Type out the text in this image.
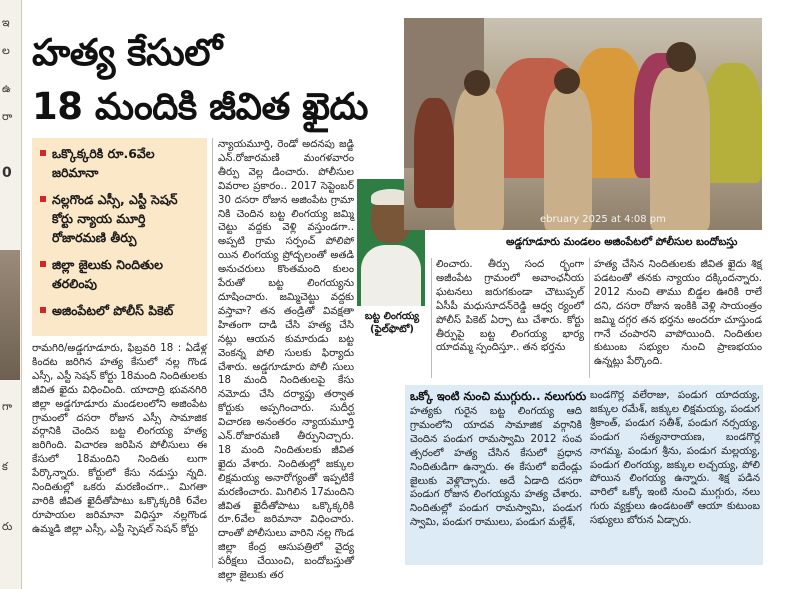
ఇ
ల
ఉ
రా
0
గా
క
రు
హత్య కేసులో
18 మందికి జీవిత ఖైదు
ఒక్కొక్కరికి రూ.6వేల జరిమానా
నల్లగొండ ఎస్సీ, ఎస్టీ సెషన్ కోర్టు న్యాయ మూర్తి రోజారమణి తీర్పు
జిల్లా జైలుకు నిందితుల తరలింపు
అజింపేటలో పోలీస్ పికెట్
రామగిరి/అడ్డగూడూరు, ఫిబ్రవరి 18 : ఏడేళ్ల కిందట జరిగిన హత్య కేసులో నల్ల గొండ ఎస్సీ, ఎస్టీ సెషన్ కోర్టు 18మంది నిందితులకు జీవిత ఖైదు విధించింది. యాదాద్రి భువనగిరి జిల్లా అడ్డగూడూరు మండలంలోని అజింపేట గ్రామంలో దసరా రోజున ఎస్సీ సామాజిక వర్గానికి చెందిన బట్ట లింగయ్య హత్య జరిగింది. విచారణ జరిపిన పోలీసులు ఈ కేసులో 18మందిని నిందితు లుగా పేర్కొన్నారు. కోర్టులో కేసు నడుస్తు న్నది. నిందితుల్లో ఒకరు మరణించగా.. మిగతా వారికి జీవిత ఖైదీతోపాటు ఒక్కొక్కరికి 6వేల రూపాయల జరిమానా విధిస్తూ నల్లగొండ ఉమ్మడి జిల్లా ఎస్సీ, ఎస్టీ స్పెషల్ సెషన్ కోర్టు
న్యాయమూర్తి, రెండో అదనపు జడ్జి ఎన్.రోజారమణి మంగళవారం తీర్పు వెల్ల డించారు. పోలీసుల వివరాల ప్రకారం.. 2017 సెప్టెంబర్ 30 దసరా రోజున అజింపేట గ్రామా నికి చెందిన బట్ట లింగయ్య జమ్మి చెట్టు వద్దకు వెళ్లి వస్తుండగా.. అప్పటి గ్రామ సర్పంచ్ పోలిపో యిన లింగయ్య ప్రోద్బలంతో అతడి అనుచరులు కొంతమంది కులం పేరుతో బట్ట లింగయ్యను దూషించారు. జమ్మిచెట్టు వద్దకు వస్తావా? తన తండ్రితో వివక్షతా హితంగా దాడి చేసి హత్య చేసి నట్లు ఆయన కుమారుడు బట్ట వెంకన్న పోలి సులకు ఫిర్యాదు చేశారు. అడ్డగూడూరు పోలీ సులు 18 మంది నిందితులపై కేసు నమోదు చేసి దర్యాప్తు తర్వాత కోర్టుకు అప్పగించారు. సుదీర్ఘ విచారణ అనంతరం న్యాయమూర్తి ఎన్.రోజారమణి తీర్పునిచ్చారు. 18 మంది నిందితులకు జీవిత ఖైదు వేశారు. నిందితుల్లో జక్కుల లిక్షమయ్య అనారోగ్యంతో ఇప్పటికే మరణించారు. మిగిలిన 17మందిని జీవిత ఖైదీతోపాటు ఒక్కొక్కరికి రూ.6వేల జరిమానా విధించారు. దాంతో పోలీసులు వారిని నల్ల గొండ జిల్లా కేంద్ర ఆసుపత్రిలో వైద్య పరీక్షలు చేయించి, బందోబస్తుతో జిల్లా జైలుకు తర
బట్ట లింగయ్య (ఫైల్‌ఫొటో)
ebruary 2025 at 4:08 pm
అడ్డగూడూరు మండలం అజింపేటలో పోలీసుల బందోబస్తు
లించారు. తీర్పు సంద ర్భంగా అజీంపేట గ్రామంలో అవాంఛనీయ ఘటనలు జరుగకుండా చౌటుప్పల్ ఏసీపీ మధుసూదన్‌రెడ్డి ఆధ్వ ర్యంలో పోలీస్ పికెట్ ఏర్పా టు చేశారు. కోర్టు తీర్పుపై బట్ట లింగయ్య భార్య యాదమ్మ స్పందిస్తూ.. తన భర్తను
హత్య చేసిన నిందితులకు జీవిత ఖైదు శిక్ష పడటంతో తనకు న్యాయం దక్కిందన్నారు. 2012 నుంచి తాము బిడ్డల ఊరికి రాలే దని, దసరా రోజున ఇంకికి వెళ్లి సాయంత్రం జమ్మి దగ్గర తన భర్తను అందరూ చూస్తుండ గానే చంపారని వాపోయింది. నిందితుల కుటుంబ సభ్యుల నుంచి ప్రాణభయం ఉన్నట్లు పేర్కొంది.
ఒక్కో ఇంటి నుంచి ముగ్గురు.. నలుగురు
హత్యకు గురైన బట్ట లింగయ్య ఆది గ్రామంలోని యాదవ సామాజిక వర్గానికి చెందిన పండుగ రామస్వామి 2012 సంవ త్సరంలో హత్య చేసిన కేసులో ప్రధాన నిందితుడిగా ఉన్నారు. ఈ కేసులో ఐదేండ్లు జైలుకు వెళ్లొచ్చారు. అదే ఏడాది దసరా పండుగ రోజున లింగయ్యను హత్య చేశారు. నిందితుల్లో పండుగ రామస్వామి, పండుగ స్వామి, పండుగ రాములు, పండుగ మల్లేశ్,
బండగొర్ల వలేరాజు, పండుగ యాదయ్య, జక్కుల రమేశ్, జక్కుల లిక్షమయ్య, పండుగ శ్రీకాంత్, పండుగ సతీశ్, పండుగ నర్సయ్య, పండుగ సత్యనారాయణ, బండగొర్ల నాగమ్మ, పండుగ శ్రీను, పండుగ మల్లయ్య, పండుగ లింగయ్య, జక్కుల లచ్చయ్య, పోలి పోయిన లింగయ్య ఉన్నారు. శిక్ష పడిన వారిలో ఒక్కో ఇంటి నుంచి ముగ్గురు, నలు గురు వ్యక్తులు ఉండటంతో ఆయా కుటుంబ సభ్యులు బోరున ఏడ్చారు.
